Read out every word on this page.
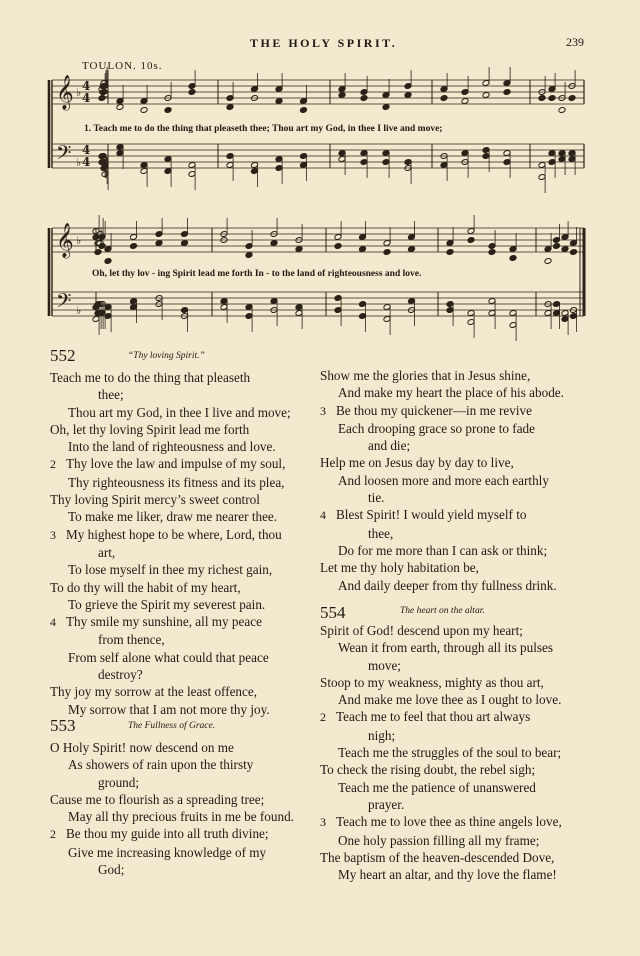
THE HOLY SPIRIT.	239
TOULON. 10s.
𝄞
𝄢
♭
♭
𝄞
𝄢
♭
♭
4
4
4
4
1. Teach me to do the thing that pleaseth thee; Thou art my God, in thee I live and move;
Oh, let thy lov - ing Spirit lead me forth In - to the land of righteousness and love.
552	“Thy loving Spirit.”
Teach me to do the thing that pleaseth
thee;
Thou art my God, in thee I live and move;
Oh, let thy loving Spirit lead me forth
Into the land of righteousness and love.
2 Thy love the law and impulse of my soul,
Thy righteousness its fitness and its plea,
Thy loving Spirit mercy’s sweet control
To make me liker, draw me nearer thee.
3 My highest hope to be where, Lord, thou
art,
To lose myself in thee my richest gain,
To do thy will the habit of my heart,
To grieve the Spirit my severest pain.
4 Thy smile my sunshine, all my peace
from thence,
From self alone what could that peace
destroy?
Thy joy my sorrow at the least offence,
My sorrow that I am not more thy joy.
553	The Fullness of Grace.
O Holy Spirit! now descend on me
As showers of rain upon the thirsty
ground;
Cause me to flourish as a spreading tree;
May all thy precious fruits in me be found.
2 Be thou my guide into all truth divine;
Give me increasing knowledge of my
God;
Show me the glories that in Jesus shine,
And make my heart the place of his abode.
3 Be thou my quickener—in me revive
Each drooping grace so prone to fade
and die;
Help me on Jesus day by day to live,
And loosen more and more each earthly
tie.
4 Blest Spirit! I would yield myself to
thee,
Do for me more than I can ask or think;
Let me thy holy habitation be,
And daily deeper from thy fullness drink.
554	The heart on the altar.
Spirit of God! descend upon my heart;
Wean it from earth, through all its pulses
move;
Stoop to my weakness, mighty as thou art,
And make me love thee as I ought to love.
2 Teach me to feel that thou art always
nigh;
Teach me the struggles of the soul to bear;
To check the rising doubt, the rebel sigh;
Teach me the patience of unanswered
prayer.
3 Teach me to love thee as thine angels love,
One holy passion filling all my frame;
The baptism of the heaven-descended Dove,
My heart an altar, and thy love the flame!
